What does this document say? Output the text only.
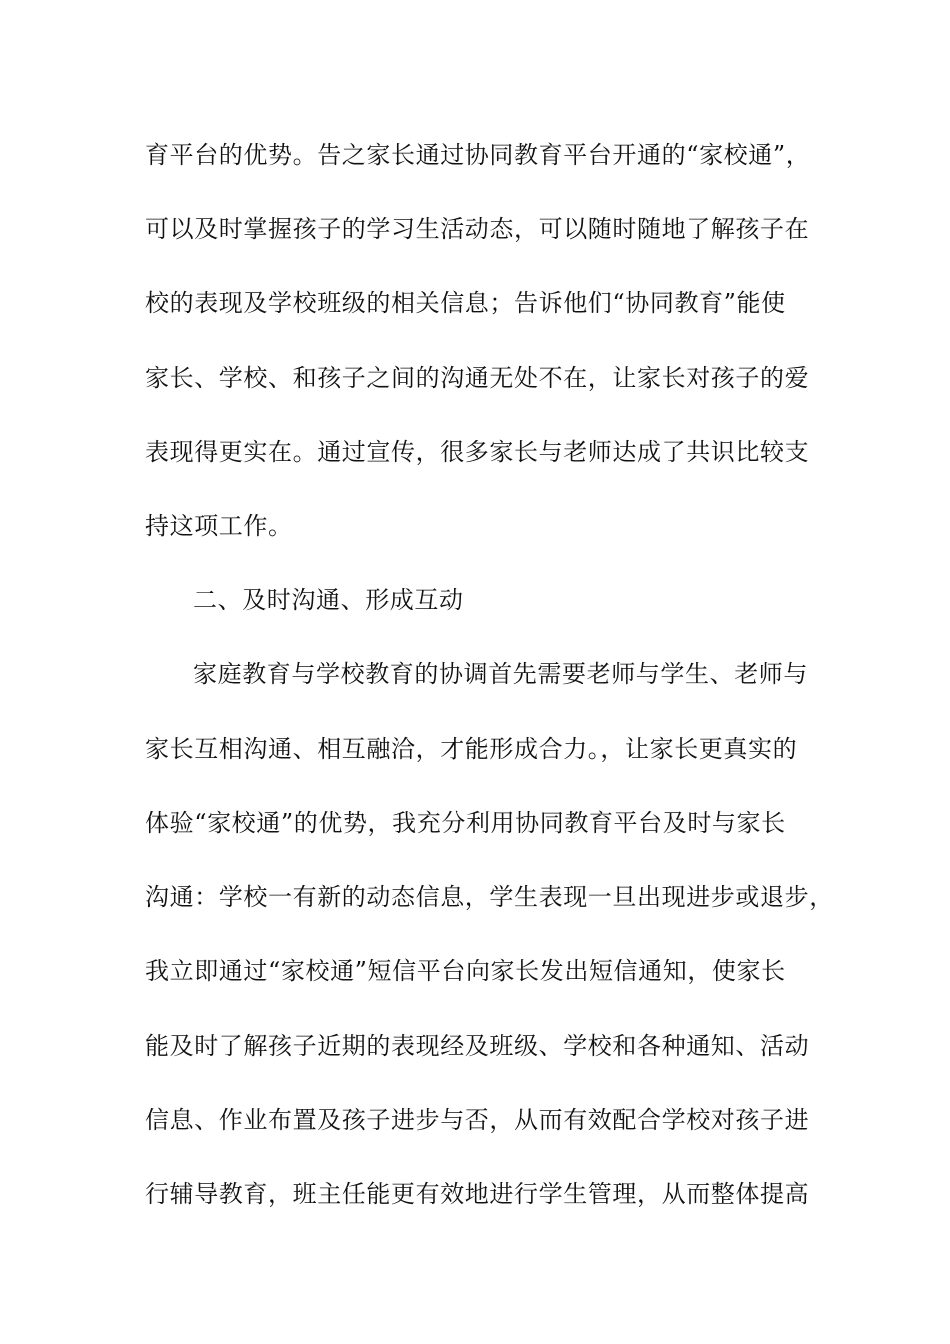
育平台的优势。告之家长通过协同教育平台开通的“家校通”，
可以及时掌握孩子的学习生活动态，可以随时随地了解孩子在
校的表现及学校班级的相关信息；告诉他们“协同教育”能使
家长、学校、和孩子之间的沟通无处不在，让家长对孩子的爱
表现得更实在。通过宣传，很多家长与老师达成了共识比较支
持这项工作。
二、及时沟通、形成互动
家庭教育与学校教育的协调首先需要老师与学生、老师与
家长互相沟通、相互融洽，才能形成合力。，让家长更真实的
体验“家校通”的优势，我充分利用协同教育平台及时与家长
沟通：学校一有新的动态信息，学生表现一旦出现进步或退步，
我立即通过“家校通”短信平台向家长发出短信通知，使家长
能及时了解孩子近期的表现经及班级、学校和各种通知、活动
信息、作业布置及孩子进步与否，从而有效配合学校对孩子进
行辅导教育，班主任能更有效地进行学生管理，从而整体提高
